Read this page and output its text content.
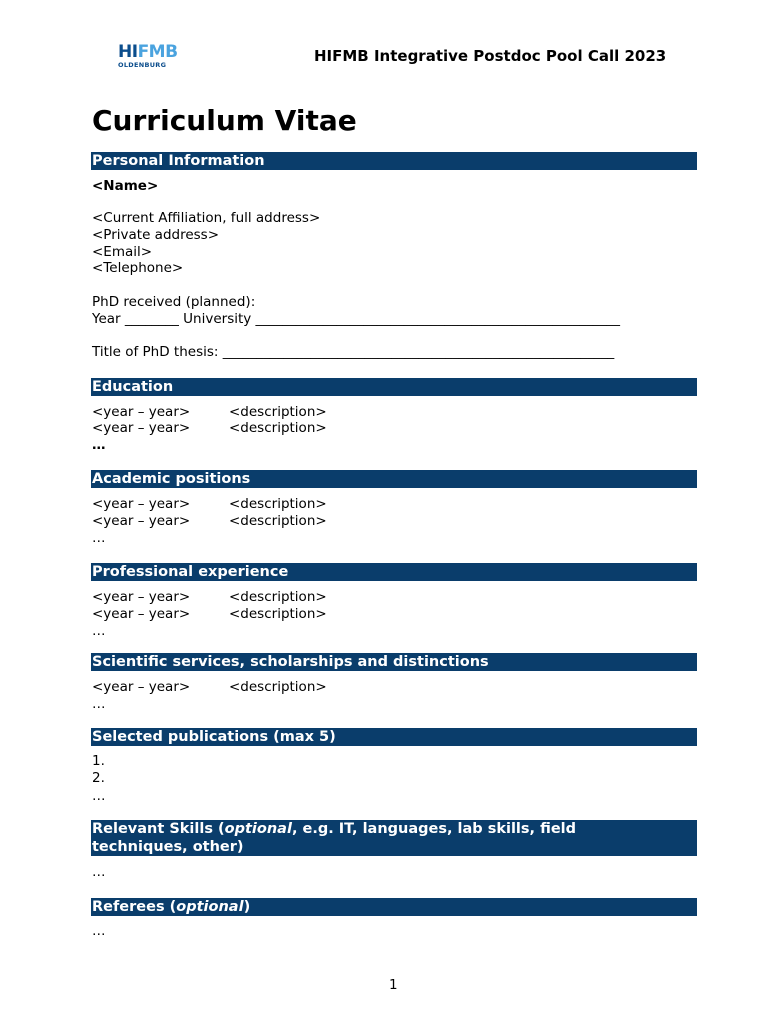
HIFMB
OLDENBURG	HIFMB Integrative Postdoc Pool Call 2023
Curriculum Vitae
Personal Information
<Name>
<Current Affiliation, full address>
<Private address>
<Email>
<Telephone>
PhD received (planned):
Year ________ University ______________________________________________________
Title of PhD thesis: __________________________________________________________
Education
<year – year>	<description>
<year – year>	<description>
…
Academic positions
<year – year>	<description>
<year – year>	<description>
…
Professional experience
<year – year>	<description>
<year – year>	<description>
…
Scientific services, scholarships and distinctions
<year – year>	<description>
…
Selected publications (max 5)
1.
2.
…
Relevant Skills (optional, e.g. IT, languages, lab skills, field
techniques, other)
…
Referees (optional)
…
1
